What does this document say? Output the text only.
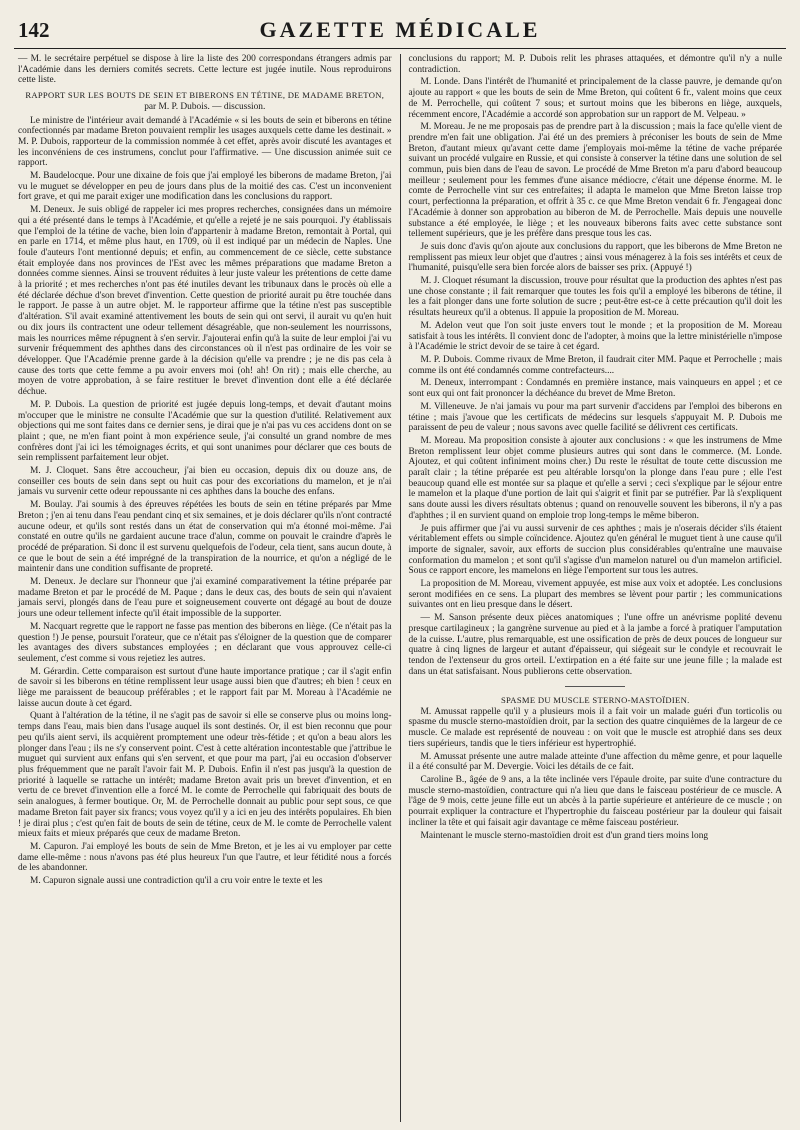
142	GAZETTE MÉDICALE

— M. le secrétaire perpétuel se dispose à lire la liste des 200 correspondans étrangers admis par l'Académie dans les derniers comités secrets. Cette lecture est jugée inutile. Nous reproduirons cette liste.

RAPPORT SUR LES BOUTS DE SEIN ET BIBERONS EN TÉTINE, DE MADAME BRETON,
par M. P. Dubois. — discussion.

Le ministre de l'intérieur avait demandé à l'Académie « si les bouts de sein et biberons en tétine confectionnés par madame Breton pouvaient remplir les usages auxquels cette dame les destinait. » M. P. Dubois, rapporteur de la commission nommée à cet effet, après avoir discuté les avantages et les inconvéniens de ces instrumens, conclut pour l'affirmative. — Une discussion animée suit ce rapport.

M. Baudelocque. Pour une dixaine de fois que j'ai employé les biberons de madame Breton, j'ai vu le muguet se développer en peu de jours dans plus de la moitié des cas. C'est un inconvenient fort grave, et qui me parait exiger une modification dans les conclusions du rapport.

M. Deneux. Je suis obligé de rappeler ici mes propres recherches, consignées dans un mémoire qui a été présenté dans le temps à l'Académie, et qu'elle a rejeté je ne sais pourquoi. J'y établissais que l'emploi de la tétine de vache, bien loin d'appartenir à madame Breton, remontait à Portal, qui en parle en 1714, et même plus haut, en 1709, où il est indiqué par un médecin de Naples. Une foule d'auteurs l'ont mentionné depuis; et enfin, au commencement de ce siècle, cette substance était employée dans nos provinces de l'Est avec les mêmes préparations que madame Breton a données comme siennes. Ainsi se trouvent réduites à leur juste valeur les prétentions de cette dame à la priorité ; et mes recherches n'ont pas été inutiles devant les tribunaux dans le procès où elle a été déclarée déchue d'son brevet d'invention. Cette question de priorité aurait pu être touchée dans le rapport. Je passe à un autre objet. M. le rapporteur affirme que la tétine n'est pas susceptible d'altération. S'il avait examiné attentivement les bouts de sein qui ont servi, il aurait vu qu'en huit ou dix jours ils contractent une odeur tellement désagréable, que non-seulement les nourrissons, mais les nourrices même répugnent à s'en servir. J'ajouterai enfin qu'à la suite de leur emploi j'ai vu survenir fréquemment des aphthes dans des circonstances où il n'est pas ordinaire de les voir se développer. Que l'Académie prenne garde à la décision qu'elle va prendre ; je ne dis pas cela à cause des torts que cette femme a pu avoir envers moi (oh! ah! On rit) ; mais elle cherche, au moyen de votre approbation, à se faire restituer le brevet d'invention dont elle a été déclarée déchue.

M. P. Dubois. La question de priorité est jugée depuis long-temps, et devait d'autant moins m'occuper que le ministre ne consulte l'Académie que sur la question d'utilité. Relativement aux objections qui me sont faites dans ce dernier sens, je dirai que je n'ai pas vu ces accidens dont on se plaint ; que, ne m'en fiant point à mon expérience seule, j'ai consulté un grand nombre de mes confrères dont j'ai ici les témoignages écrits, et qui sont unanimes pour déclarer que ces bouts de sein remplissent parfaitement leur objet.

M. J. Cloquet. Sans être accoucheur, j'ai bien eu occasion, depuis dix ou douze ans, de conseiller ces bouts de sein dans sept ou huit cas pour des excoriations du mamelon, et je n'ai jamais vu survenir cette odeur repoussante ni ces aphthes dans la bouche des enfans.

M. Boulay. J'ai soumis à des épreuves répétées les bouts de sein en tétine préparés par Mme Breton ; j'en ai tenu dans l'eau pendant cinq et six semaines, et je dois déclarer qu'ils n'ont contracté aucune odeur, et qu'ils sont restés dans un état de conservation qui m'a étonné moi-même. J'ai constaté en outre qu'ils ne gardaient aucune trace d'alun, comme on pouvait le craindre d'après le procédé de préparation. Si donc il est survenu quelquefois de l'odeur, cela tient, sans aucun doute, à ce que le bout de sein a été imprégné de la transpiration de la nourrice, et qu'on a négligé de le maintenir dans une condition suffisante de propreté.

M. Deneux. Je declare sur l'honneur que j'ai examiné comparativement la tétine préparée par madame Breton et par le procédé de M. Paque ; dans le deux cas, des bouts de sein qui n'avaient jamais servi, plongés dans de l'eau pure et soigneusement couverte ont dégagé au bout de douze jours une odeur tellement infecte qu'il était impossible de la supporter.

M. Nacquart regrette que le rapport ne fasse pas mention des biberons en liège. (Ce n'était pas la question !) Je pense, poursuit l'orateur, que ce n'était pas s'éloigner de la question que de comparer les avantages des divers substances employées ; en déclarant que vous approuvez celle-ci seulement, c'est comme si vous rejetiez les autres.

M. Gérardin. Cette comparaison est surtout d'une haute importance pratique ; car il s'agit enfin de savoir si les biberons en tétine remplissent leur usage aussi bien que d'autres; eh bien ! ceux en liège me paraissent de beaucoup préférables ; et le rapport fait par M. Moreau à l'Académie ne laisse aucun doute à cet égard.

Quant à l'altération de la tétine, il ne s'agit pas de savoir si elle se conserve plus ou moins long-temps dans l'eau, mais bien dans l'usage auquel ils sont destinés. Or, il est bien reconnu que pour peu qu'ils aient servi, ils acquièrent promptement une odeur très-fétide ; et qu'on a beau alors les plonger dans l'eau ; ils ne s'y conservent point. C'est à cette altération incontestable que j'attribue le muguet qui survient aux enfans qui s'en servent, et que pour ma part, j'ai eu occasion d'observer plus fréquemment que ne paraît l'avoir fait M. P. Dubois. Enfin il n'est pas jusqu'à la question de priorité à laquelle se rattache un intérêt; madame Breton avait pris un brevet d'invention, et en vertu de ce brevet d'invention elle a forcé M. le comte de Perrochelle qui fabriquait des bouts de sein analogues, à fermer boutique. Or, M. de Perrochelle donnait au public pour sept sous, ce que madame Breton fait payer six francs; vous voyez qu'il y a ici en jeu des intérêts populaires. Eh bien ! je dirai plus ; c'est qu'en fait de bouts de sein de tétine, ceux de M. le comte de Perrochelle valent mieux faits et mieux préparés que ceux de madame Breton.

M. Capuron. J'ai employé les bouts de sein de Mme Breton, et je les ai vu employer par cette dame elle-même : nous n'avons pas été plus heureux l'un que l'autre, et leur fétidité nous a forcés de les abandonner.

M. Capuron signale aussi une contradiction qu'il a cru voir entre le texte et les

conclusions du rapport; M. P. Dubois relit les phrases attaquées, et démontre qu'il n'y a nulle contradiction.

M. Londe. Dans l'intérêt de l'humanité et principalement de la classe pauvre, je demande qu'on ajoute au rapport « que les bouts de sein de Mme Breton, qui coûtent 6 fr., valent moins que ceux de M. Perrochelle, qui coûtent 7 sous; et surtout moins que les biberons en liège, auxquels, récemment encore, l'Académie a accordé son approbation sur un rapport de M. Velpeau. »

M. Moreau. Je ne me proposais pas de prendre part à la discussion ; mais la face qu'elle vient de prendre m'en fait une obligation. J'ai été un des premiers à préconiser les bouts de sein de Mme Breton, d'autant mieux qu'avant cette dame j'employais moi-même la tétine de vache préparée suivant un procédé vulgaire en Russie, et qui consiste à conserver la tétine dans une solution de sel commun, puis bien dans de l'eau de savon. Le procédé de Mme Breton m'a paru d'abord beaucoup meilleur ; seulement pour les femmes d'une aisance médiocre, c'était une dépense énorme. M. le comte de Perrochelle vint sur ces entrefaites; il adapta le mamelon que Mme Breton laisse trop court, perfectionna la préparation, et offrit à 35 c. ce que Mme Breton vendait 6 fr. J'engageai donc l'Académie à donner son approbation au biberon de M. de Perrochelle. Mais depuis une nouvelle substance a été employée, le liège ; et les nouveaux biberons faits avec cette substance sont tellement supérieurs, que je les préfère dans presque tous les cas.

Je suis donc d'avis qu'on ajoute aux conclusions du rapport, que les biberons de Mme Breton ne remplissent pas mieux leur objet que d'autres ; ainsi vous ménagerez à la fois ses intérêts et ceux de l'humanité, puisqu'elle sera bien forcée alors de baisser ses prix. (Appuyé !)

M. J. Cloquet résumant la discussion, trouve pour résultat que la production des aphtes n'est pas une chose constante ; il fait remarquer que toutes les fois qu'il a employé les biberons de tétine, il les a fait plonger dans une forte solution de sucre ; peut-être est-ce à cette précaution qu'il doit les résultats heureux qu'il a obtenus. Il appuie la proposition de M. Moreau.

M. Adelon veut que l'on soit juste envers tout le monde ; et la proposition de M. Moreau satisfait à tous les intérêts. Il convient donc de l'adopter, à moins que la lettre ministérielle n'impose à l'Académie le strict devoir de se taire à cet égard.

M. P. Dubois. Comme rivaux de Mme Breton, il faudrait citer MM. Paque et Perrochelle ; mais comme ils ont été condamnés comme contrefacteurs....

M. Deneux, interrompant : Condamnés en première instance, mais vainqueurs en appel ; et ce sont eux qui ont fait prononcer la déchéance du brevet de Mme Breton.

M. Villeneuve. Je n'ai jamais vu pour ma part survenir d'accidens par l'emploi des biberons en tétine ; mais j'avoue que les certificats de médecins sur lesquels s'appuyait M. P. Dubois me paraissent de peu de valeur ; nous savons avec quelle facilité se délivrent ces certificats.

M. Moreau. Ma proposition consiste à ajouter aux conclusions : « que les instrumens de Mme Breton remplissent leur objet comme plusieurs autres qui sont dans le commerce. (M. Londe. Ajoutez, et qui coûtent infiniment moins cher.) Du reste le résultat de toute cette discussion me paraît clair ; la tétine préparée est peu altérable lorsqu'on la plonge dans l'eau pure ; elle l'est beaucoup quand elle est montée sur sa plaque et qu'elle a servi ; ceci s'explique par le séjour entre le mamelon et la plaque d'une portion de lait qui s'aigrit et finit par se putréfier. Par là s'expliquent sans doute aussi les divers résultats obtenus ; quand on renouvelle souvent les biberons, il n'y a pas d'aphthes ; il en survient quand on emploie trop long-temps le même biberon.

Je puis affirmer que j'ai vu aussi survenir de ces aphthes ; mais je n'oserais décider s'ils étaient véritablement effets ou simple coïncidence. Ajoutez qu'en général le muguet tient à une cause qu'il importe de signaler, savoir, aux efforts de succion plus considérables qu'entraîne une mauvaise conformation du mamelon ; et sont qu'il s'agisse d'un mamelon naturel ou d'un mamelon artificiel. Sous ce rapport encore, les mamelons en liège l'emportent sur tous les autres.

La proposition de M. Moreau, vivement appuyée, est mise aux voix et adoptée. Les conclusions seront modifiées en ce sens. La plupart des membres se lèvent pour partir ; les communications suivantes ont en lieu presque dans le désert.

— M. Sanson présente deux pièces anatomiques ; l'une offre un anévrisme poplité devenu presque cartilagineux ; la gangrène survenue au pied et à la jambe a forcé à pratiquer l'amputation de la cuisse. L'autre, plus remarquable, est une ossification de près de deux pouces de longueur sur quatre à cinq lignes de largeur et autant d'épaisseur, qui siégeait sur le condyle et recouvrait le tendon de l'extenseur du gros orteil. L'extirpation en a été faite sur une jeune fille ; la malade est dans un état satisfaisant. Nous publierons cette observation.

SPASME DU MUSCLE STERNO-MASTOÏDIEN.

M. Amussat rappelle qu'il y a plusieurs mois il a fait voir un malade guéri d'un torticolis ou spasme du muscle sterno-mastoïdien droit, par la section des quatre cinquièmes de la largeur de ce muscle. Ce malade est représenté de nouveau : on voit que le muscle est atrophié dans ses deux tiers supérieurs, tandis que le tiers inférieur est hypertrophié.

M. Amussat présente une autre malade atteinte d'une affection du même genre, et pour laquelle il a été consulté par M. Devergie. Voici les détails de ce fait.

Caroline B., âgée de 9 ans, a la tête inclinée vers l'épaule droite, par suite d'une contracture du muscle sterno-mastoïdien, contracture qui n'a lieu que dans le faisceau postérieur de ce muscle. A l'âge de 9 mois, cette jeune fille eut un abcès à la partie supérieure et antérieure de ce muscle ; on pourrait expliquer la contracture et l'hypertrophie du faisceau postérieur par la douleur qui faisait incliner la tête et qui faisait agir davantage ce même faisceau postérieur.

Maintenant le muscle sterno-mastoïdien droit est d'un grand tiers moins long
